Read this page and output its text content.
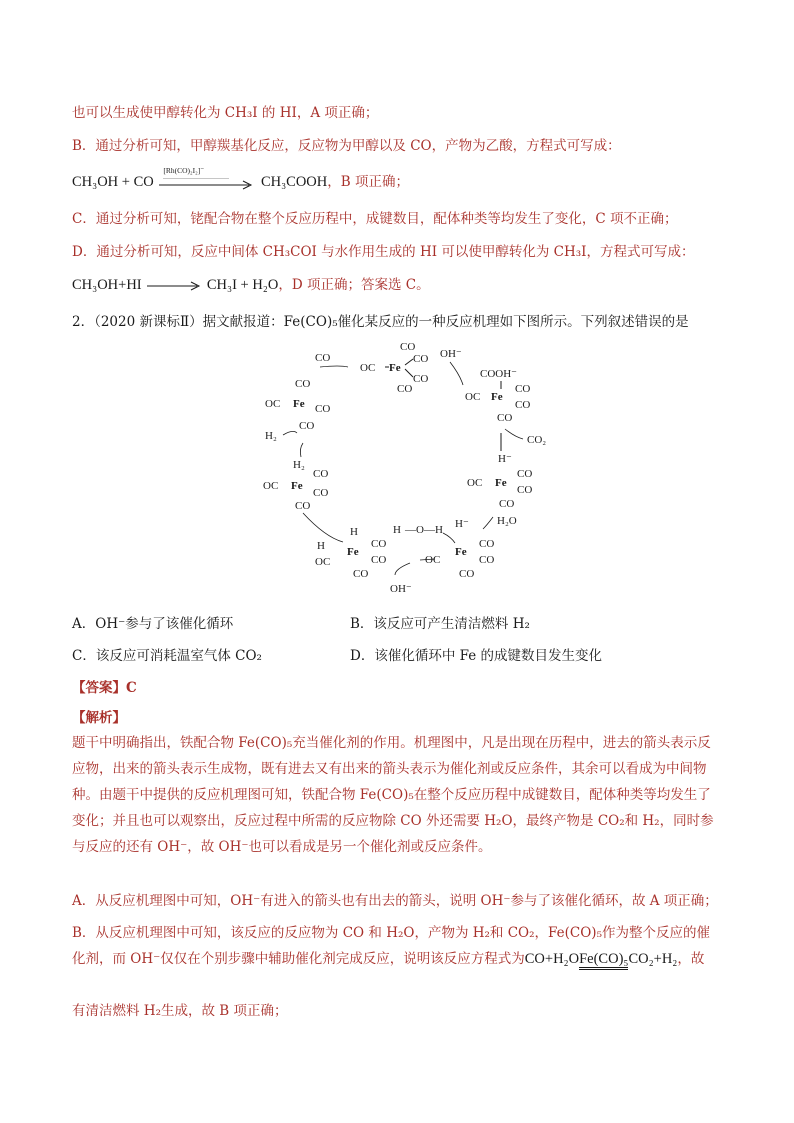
也可以生成使甲醇转化为 CH₃I 的 HI，A 项正确；
B．通过分析可知，甲醇羰基化反应，反应物为甲醇以及 CO，产物为乙酸，方程式可写成：
CH₃OH + CO
[Rh(CO)₂I₂]⁻
CH₃COOH，B 项正确；
C．通过分析可知，铑配合物在整个反应历程中，成键数目，配体种类等均发生了变化，C 项不正确；
D．通过分析可知，反应中间体 CH₃COI 与水作用生成的 HI 可以使甲醇转化为 CH₃I，方程式可写成：
CH₃OH+HI	CH₃I + H₂O，D 项正确；答案选 C。
2．（2020 新课标Ⅱ）据文献报道：Fe(CO)₅催化某反应的一种反应机理如下图所示。下列叙述错误的是
CO
OC Fe
CO
CO
CO
OH⁻
COOH⁻
OC Fe
CO
CO
CO
CO₂
CO
OC Fe
CO
CO
CO
H₂
H⁻
OC Fe
CO
CO
CO
H₂O
H₂
OC Fe
CO
CO
CO
H
H
OC
Fe
CO
CO
CO
H —O—H H⁻
OC
Fe
CO
CO
CO
OH⁻
A．OH⁻参与了该催化循环	B．该反应可产生清洁燃料 H₂
C．该反应可消耗温室气体 CO₂	D．该催化循环中 Fe 的成键数目发生变化
【答案】C
【解析】
题干中明确指出，铁配合物 Fe(CO)₅充当催化剂的作用。机理图中，凡是出现在历程中，进去的箭头表示反应物，出来的箭头表示生成物，既有进去又有出来的箭头表示为催化剂或反应条件，其余可以看成为中间物种。由题干中提供的反应机理图可知，铁配合物 Fe(CO)₅在整个反应历程中成键数目，配体种类等均发生了变化；并且也可以观察出，反应过程中所需的反应物除 CO 外还需要 H₂O，最终产物是 CO₂和 H₂，同时参与反应的还有 OH⁻，故 OH⁻也可以看成是另一个催化剂或反应条件。
A．从反应机理图中可知，OH⁻有进入的箭头也有出去的箭头，说明 OH⁻参与了该催化循环，故 A 项正确；
B．从反应机理图中可知，该反应的反应物为 CO 和 H₂O，产物为 H₂和 CO₂，Fe(CO)₅作为整个反应的催化剂，而 OH⁻仅仅在个别步骤中辅助催化剂完成反应，说明该反应方程式为CO+H₂OFe(CO)₅CO₂+H₂，故
有清洁燃料 H₂生成，故 B 项正确；
